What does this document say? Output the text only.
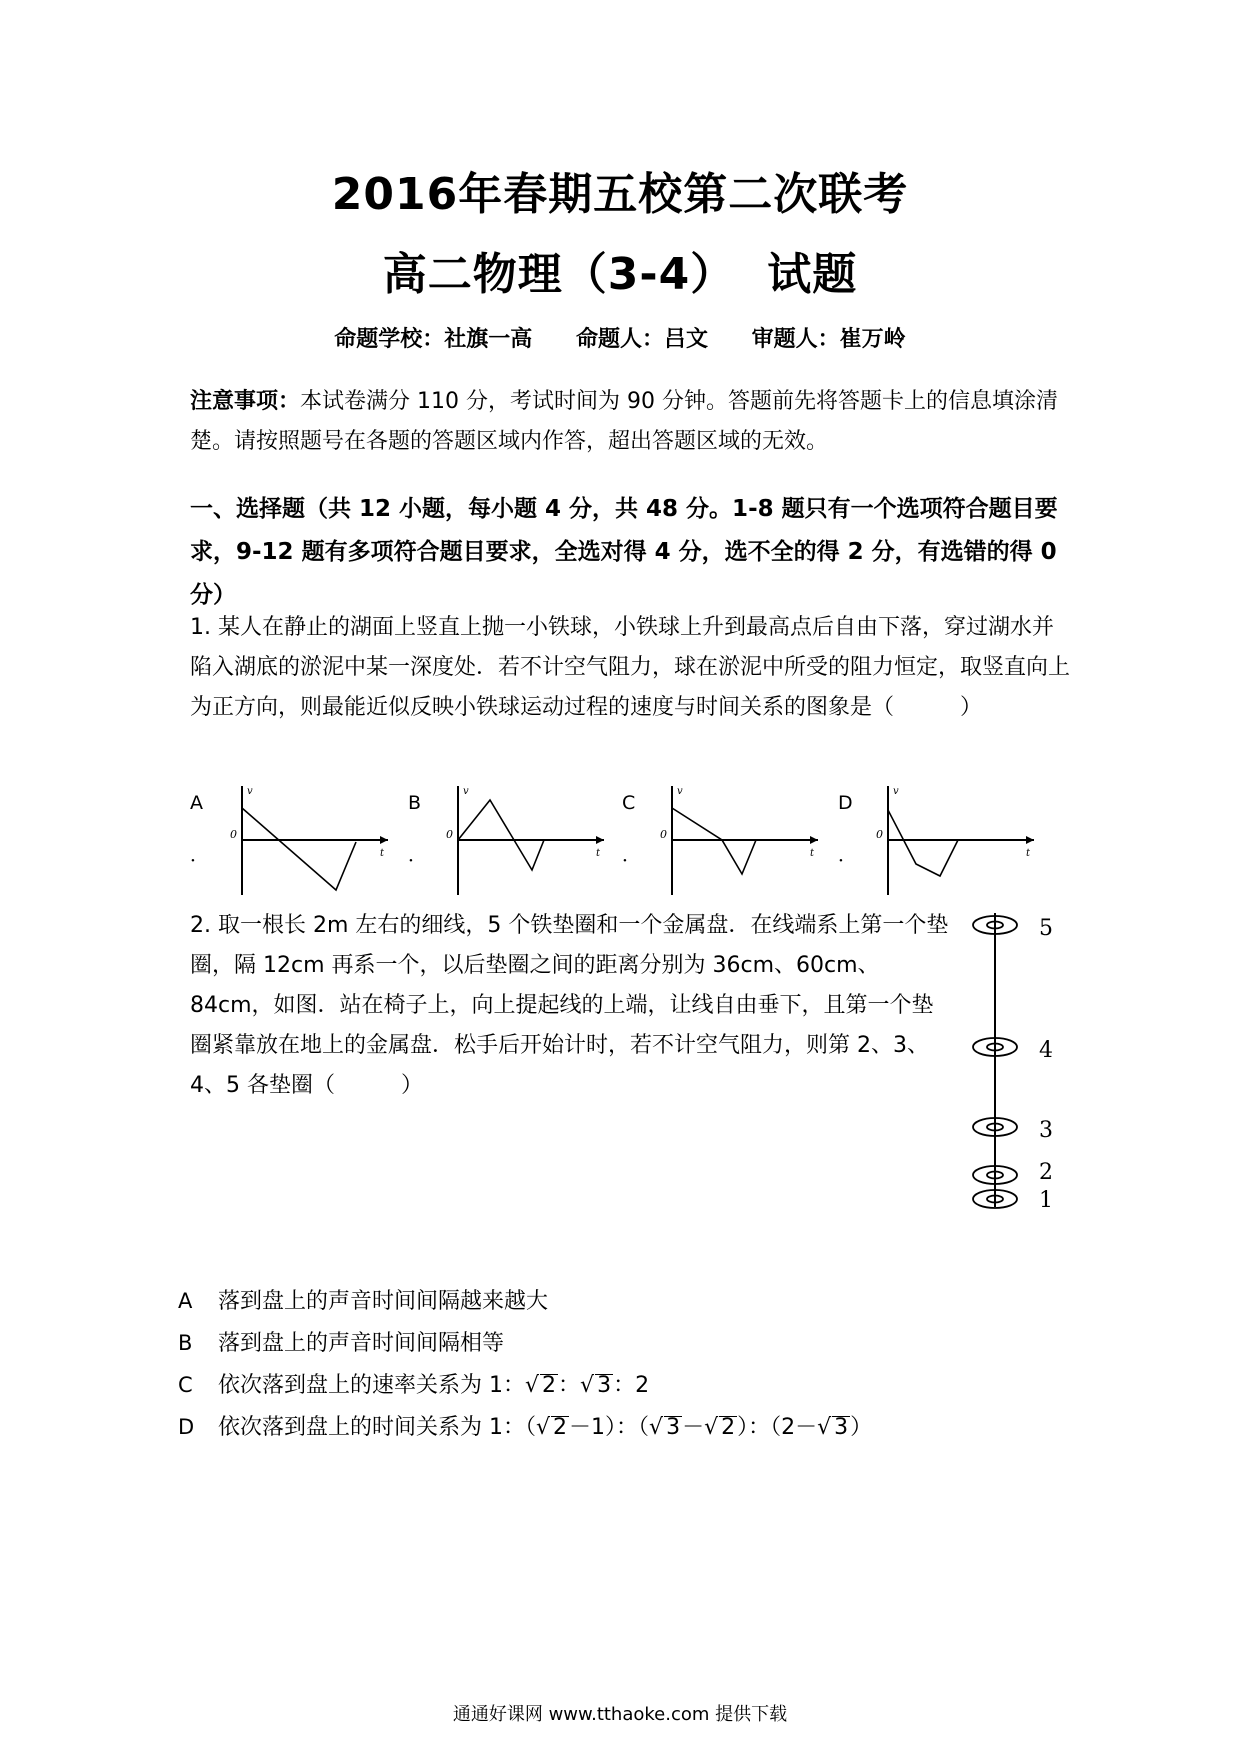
2016年春期五校第二次联考
高二物理（3-4） 试题
命题学校：社旗一高 命题人：吕文 审题人：崔万岭
注意事项：本试卷满分 110 分，考试时间为 90 分钟。答题前先将答题卡上的信息填涂清楚。请按照题号在各题的答题区域内作答，超出答题区域的无效。
一、选择题（共 12 小题，每小题 4 分，共 48 分。1-8 题只有一个选项符合题目要求，9-12 题有多项符合题目要求，全选对得 4 分，选不全的得 2 分，有选错的得 0 分）
1. 某人在静止的湖面上竖直上抛一小铁球，小铁球上升到最高点后自由下落，穿过湖水并陷入湖底的淤泥中某一深度处．若不计空气阻力，球在淤泥中所受的阻力恒定，取竖直向上为正方向，则最能近似反映小铁球运动过程的速度与时间关系的图象是（　　　）
A
．
v
0
t
B
．
v
0
t
C
．
v
0
t
D
．
v
0
t
2. 取一根长 2m 左右的细线，5 个铁垫圈和一个金属盘．在线端系上第一个垫圈，隔 12cm 再系一个，以后垫圈之间的距离分别为 36cm、60cm、84cm，如图．站在椅子上，向上提起线的上端，让线自由垂下，且第一个垫圈紧靠放在地上的金属盘．松手后开始计时，若不计空气阻力，则第 2、3、4、5 各垫圈（　　　）
5
4
3
2
1
A 落到盘上的声音时间间隔越来越大
B 落到盘上的声音时间间隔相等
C 依次落到盘上的速率关系为 1：√ 2：√ 3：2
D 依次落到盘上的时间关系为 1：（√ 2－1）：（√ 3－√ 2）：（2－√ 3）
通通好课网 www.tthaoke.com 提供下载
